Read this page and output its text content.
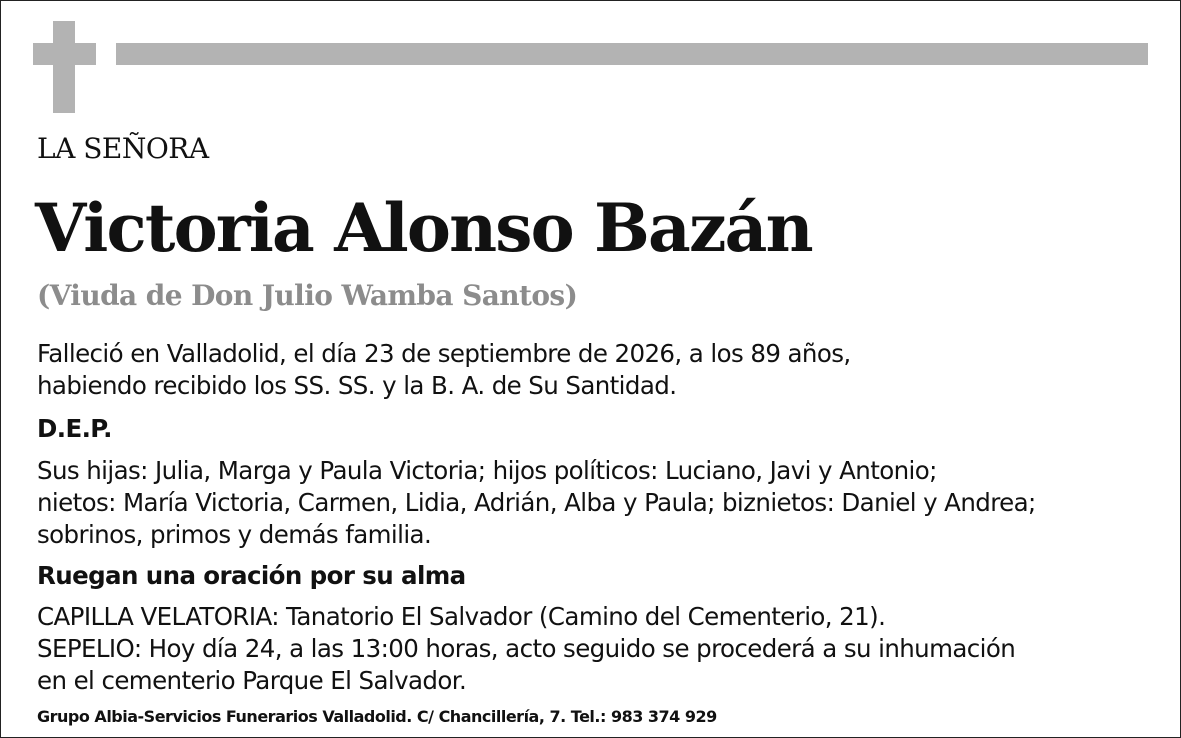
LA SEÑORA
Victoria Alonso Bazán
(Viuda de Don Julio Wamba Santos)
Falleció en Valladolid, el día 23 de septiembre de 2026, a los 89 años,
habiendo recibido los SS. SS. y la B. A. de Su Santidad.
D.E.P.
Sus hijas: Julia, Marga y Paula Victoria; hijos políticos: Luciano, Javi y Antonio;
nietos: María Victoria, Carmen, Lidia, Adrián, Alba y Paula; biznietos: Daniel y Andrea;
sobrinos, primos y demás familia.
Ruegan una oración por su alma
CAPILLA VELATORIA: Tanatorio El Salvador (Camino del Cementerio, 21).
SEPELIO: Hoy día 24, a las 13:00 horas, acto seguido se procederá a su inhumación
en el cementerio Parque El Salvador.
Grupo Albia-Servicios Funerarios Valladolid. C/ Chancillería, 7. Tel.: 983 374 929
